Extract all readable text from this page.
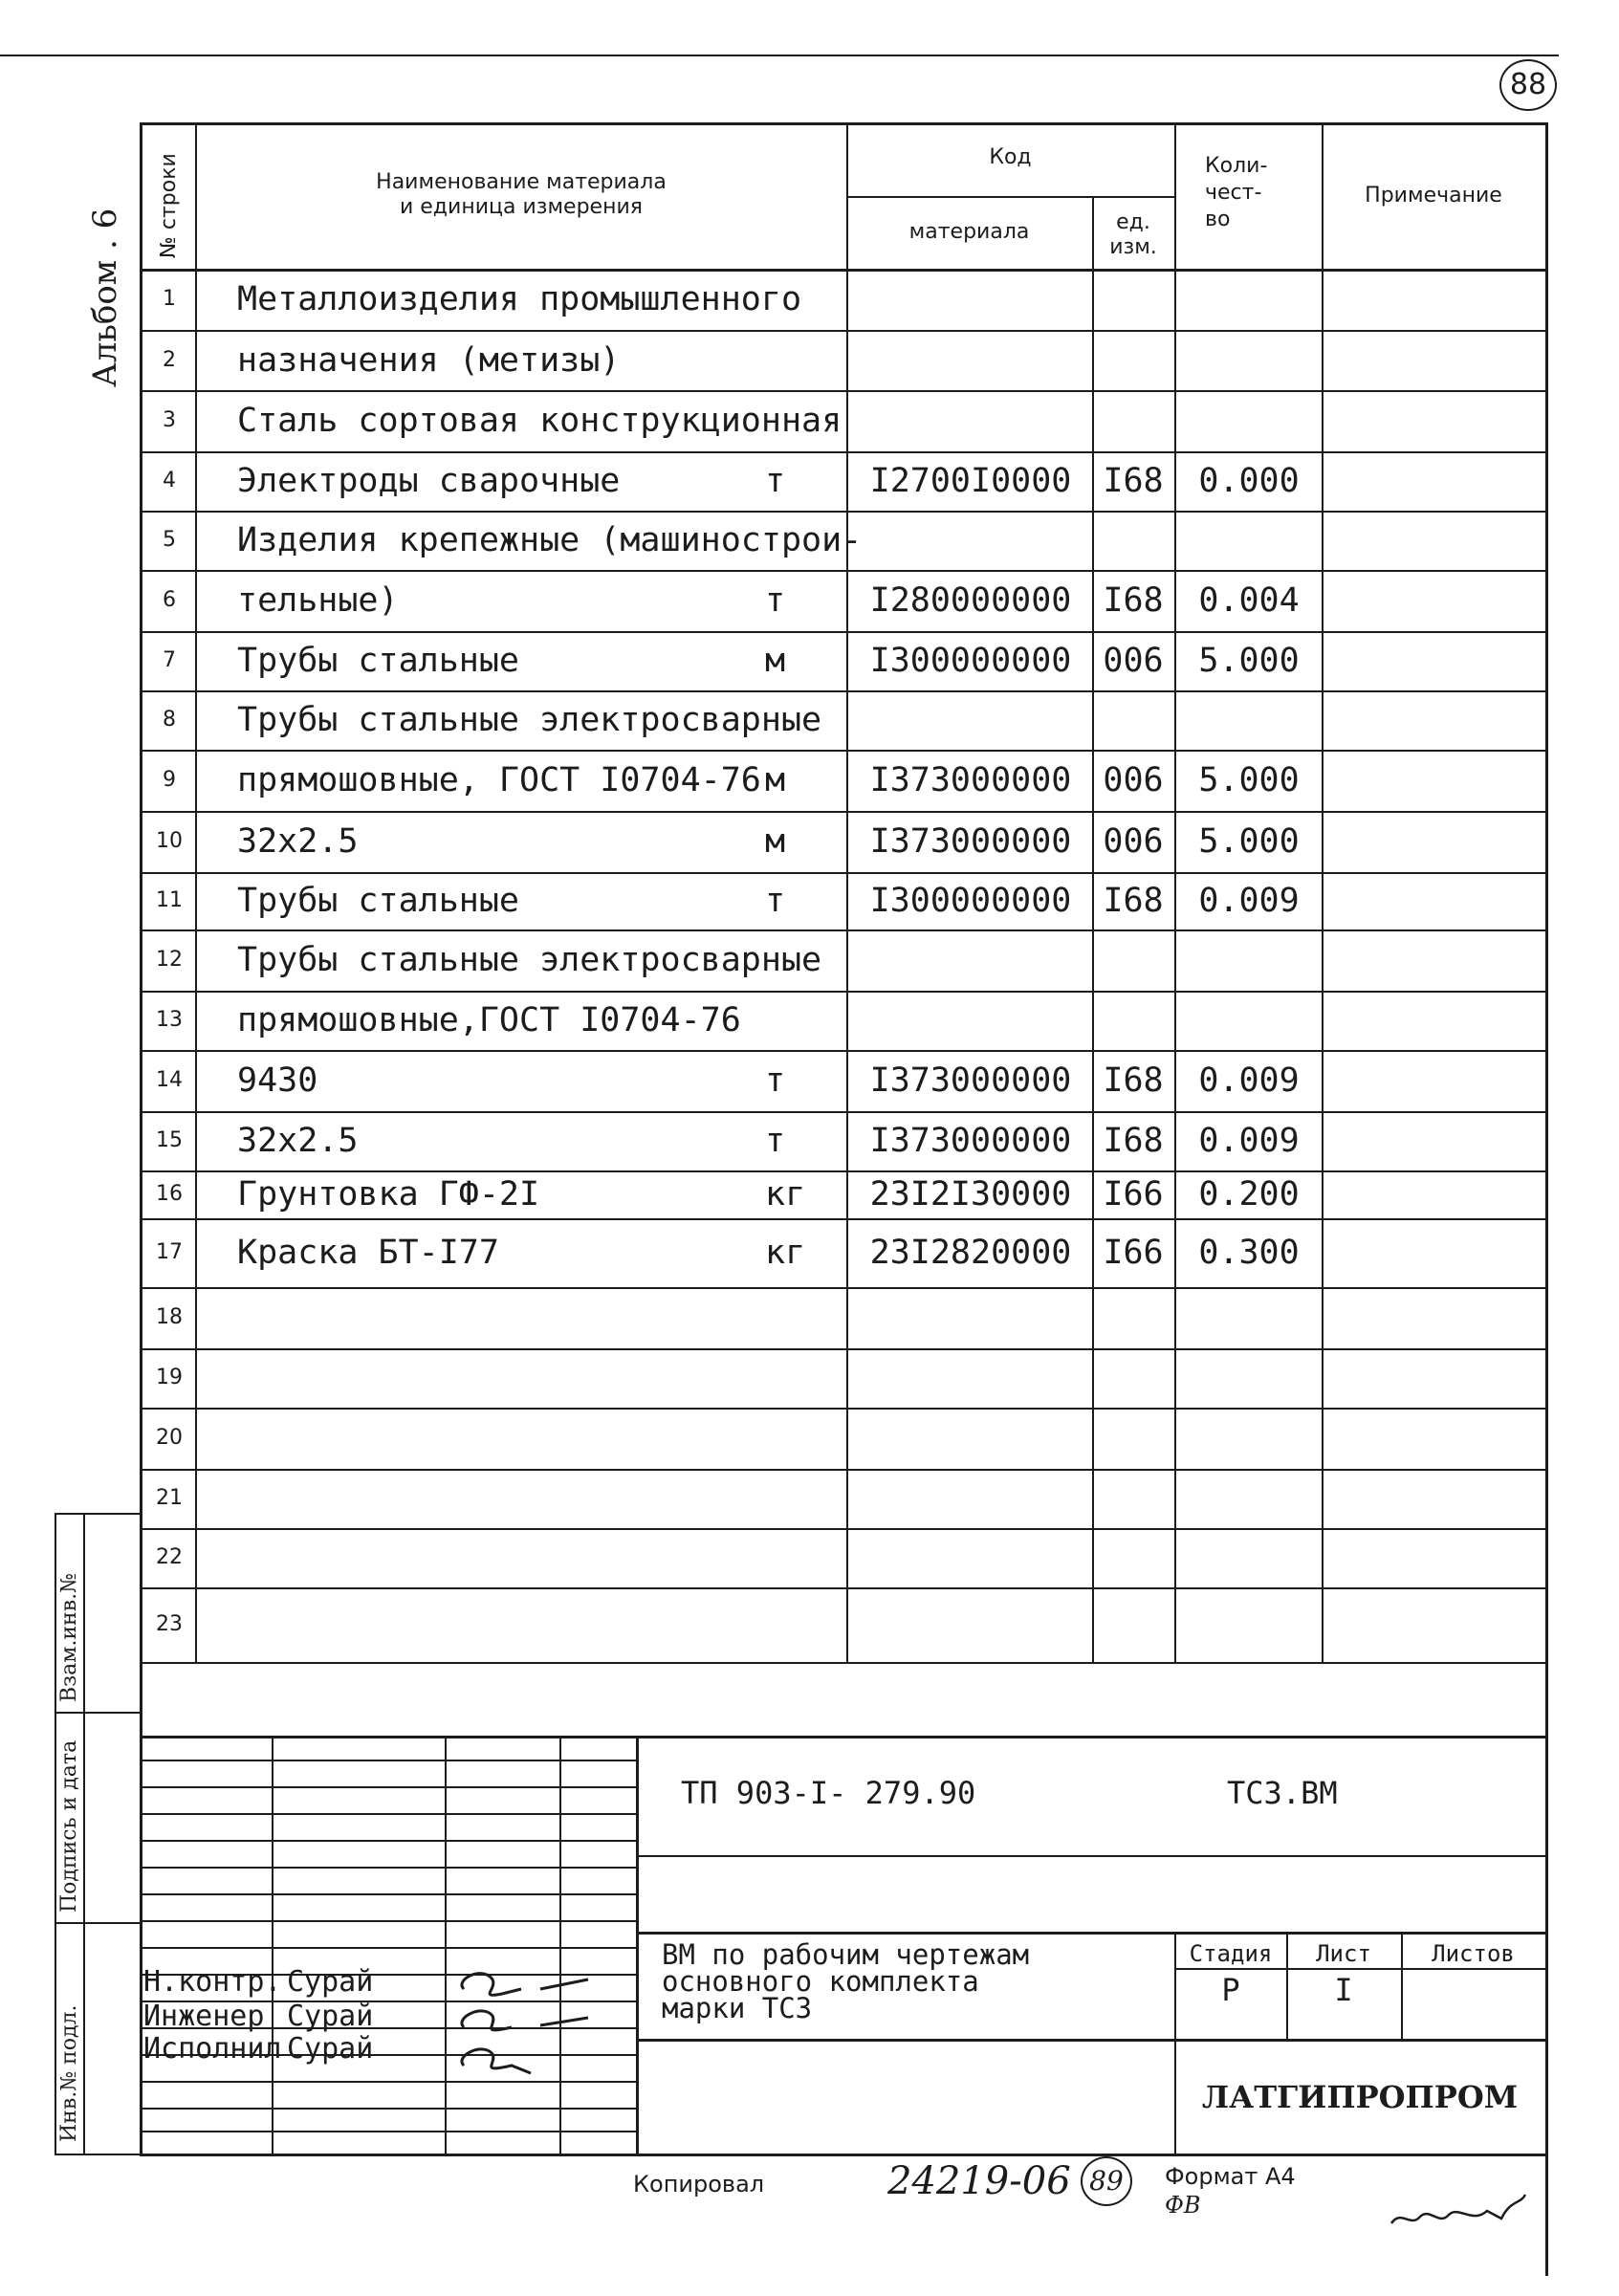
88
Альбом . 6
№ строки	Наименование материала
и единица измерения
Код
материала	ед.
изм.
Коли-
чест-
во
Примечание
1	Металлоизделия промышленного
2	назначения (метизы)
3	Сталь сортовая конструкционная
4	Электроды сварочные	т	I2700I0000 I68	0.000
5	Изделия крепежные (машинострои-
6	тельные)	т	I280000000 I68	0.004
7	Трубы стальные	м	I300000000 006	5.000
8	Трубы стальные электросварные
9	прямошовные, ГОСТ I0704-76 м	I373000000 006	5.000
10 32x2.5	м	I373000000 006	5.000
11 Трубы стальные	т	I300000000 I68	0.009
12 Трубы стальные электросварные
13 прямошовные,ГОСТ I0704-76
14 9430	т	I373000000 I68	0.009
15 32x2.5	т	I373000000 I68	0.009
16 Грунтовка ГФ-2I	кг	23I2I30000 I66	0.200
17 Краска БТ-I77	кг	23I2820000 I66	0.300
18
19
20
21
22
23
Взам.инв.№
Подпись и дата
Инв.№ подл.
ТП 903-I- 279.90	ТСЗ.ВМ
ВМ по рабочим чертежам
основного комплекта
марки ТСЗ
Стадия	Лист	Листов
Р	I
ЛАТГИПРОПРОМ
Н.контр. Сурай
Инженер Сурай
Исполнил Сурай
Копировал	24219-06 89	Формат А4
ФВ
